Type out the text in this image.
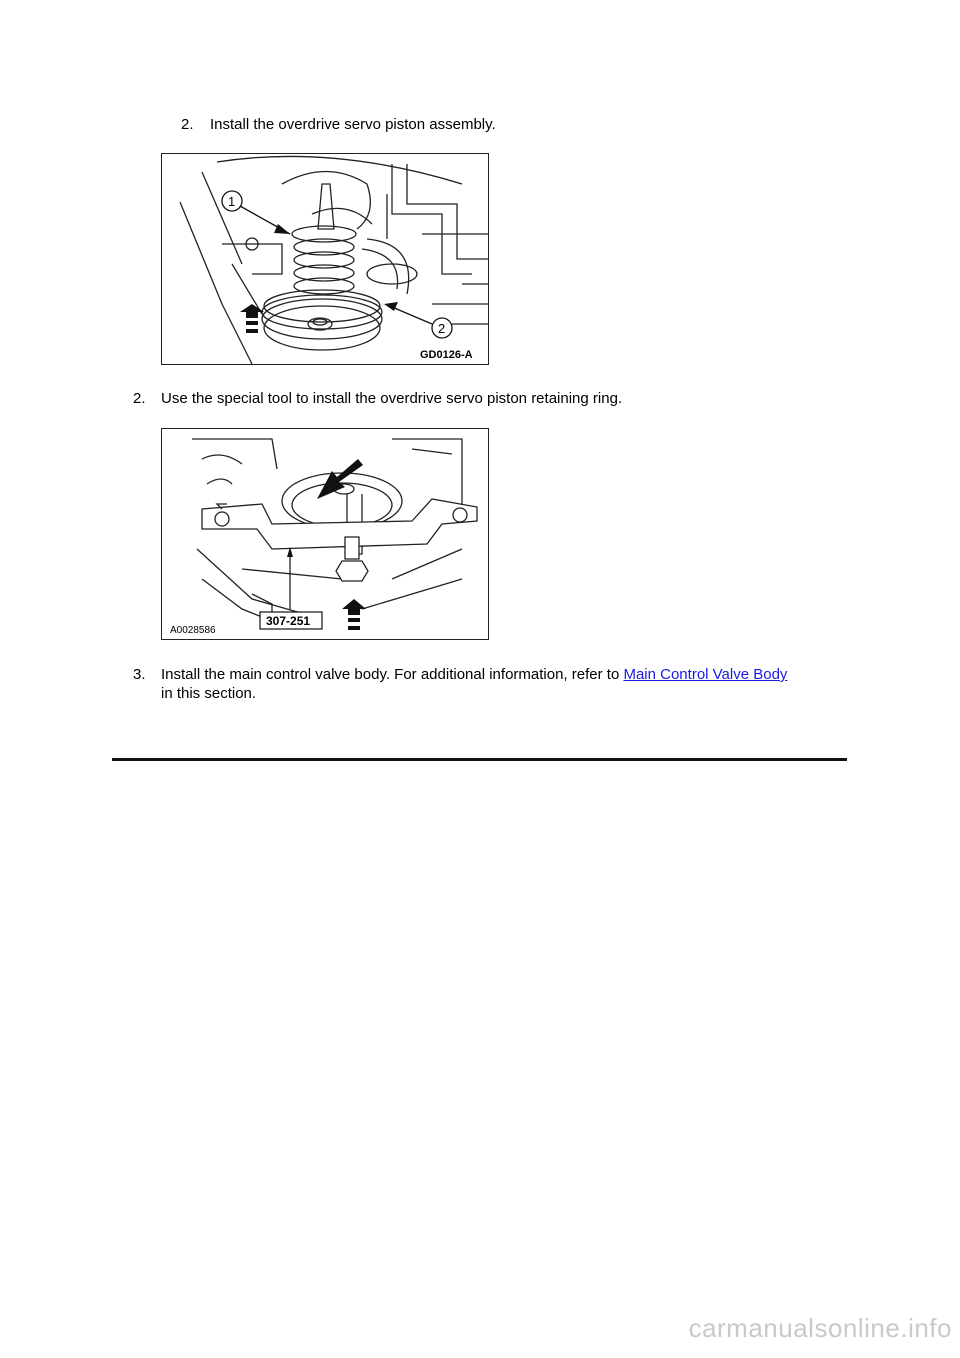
2. Install the overdrive servo piston assembly.
1
2
GD0126-A
2. Use the special tool to install the overdrive servo piston retaining ring.
307-251
A0028586
3. Install the main control valve body. For additional information, refer to Main Control Valve Body
in this section.
carmanualsonline.info
